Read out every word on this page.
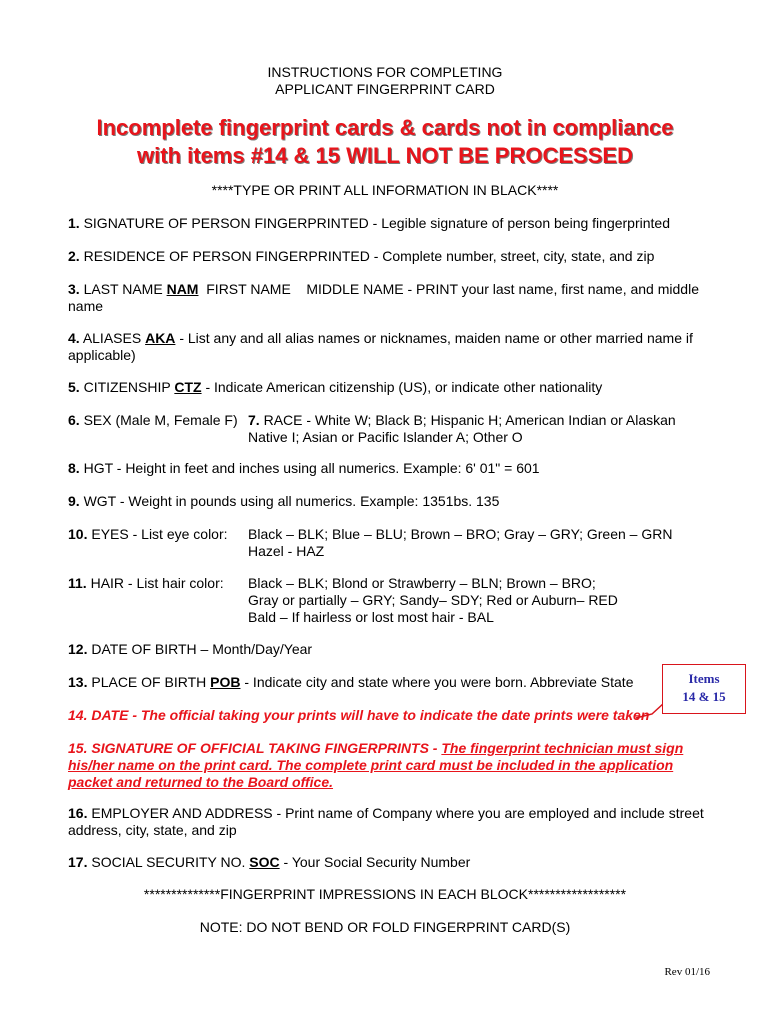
INSTRUCTIONS FOR COMPLETING
APPLICANT FINGERPRINT CARD
Incomplete fingerprint cards & cards not in compliance
with items #14 & 15 WILL NOT BE PROCESSED
****TYPE OR PRINT ALL INFORMATION IN BLACK****
1. SIGNATURE OF PERSON FINGERPRINTED - Legible signature of person being fingerprinted
2. RESIDENCE OF PERSON FINGERPRINTED - Complete number, street, city, state, and zip
3. LAST NAME NAM FIRST NAME    MIDDLE NAME - PRINT your last name, first name, and middle
name
4. ALIASES AKA - List any and all alias names or nicknames, maiden name or other married name if
applicable)
5. CITIZENSHIP CTZ - Indicate American citizenship (US), or indicate other nationality
6. SEX (Male M, Female F) 7. RACE - White W; Black B; Hispanic H; American Indian or Alaskan
Native I; Asian or Pacific Islander A; Other O
8. HGT - Height in feet and inches using all numerics. Example: 6' 01" = 601
9. WGT - Weight in pounds using all numerics. Example: 1351bs. 135
10. EYES - List eye color: Black – BLK; Blue – BLU; Brown – BRO; Gray – GRY; Green – GRN
Hazel - HAZ
11. HAIR - List hair color: Black – BLK; Blond or Strawberry – BLN; Brown – BRO;
Gray or partially – GRY; Sandy– SDY; Red or Auburn– RED
Bald – If hairless or lost most hair - BAL
12. DATE OF BIRTH – Month/Day/Year
13. PLACE OF BIRTH POB - Indicate city and state where you were born. Abbreviate State
14. DATE - The official taking your prints will have to indicate the date prints were taken
Items
14 & 15
15. SIGNATURE OF OFFICIAL TAKING FINGERPRINTS - The fingerprint technician must sign
his/her name on the print card. The complete print card must be included in the application
packet and returned to the Board office.
16. EMPLOYER AND ADDRESS - Print name of Company where you are employed and include street
address, city, state, and zip
17. SOCIAL SECURITY NO. SOC - Your Social Security Number
**************FINGERPRINT IMPRESSIONS IN EACH BLOCK******************
NOTE: DO NOT BEND OR FOLD FINGERPRINT CARD(S)
Rev 01/16
